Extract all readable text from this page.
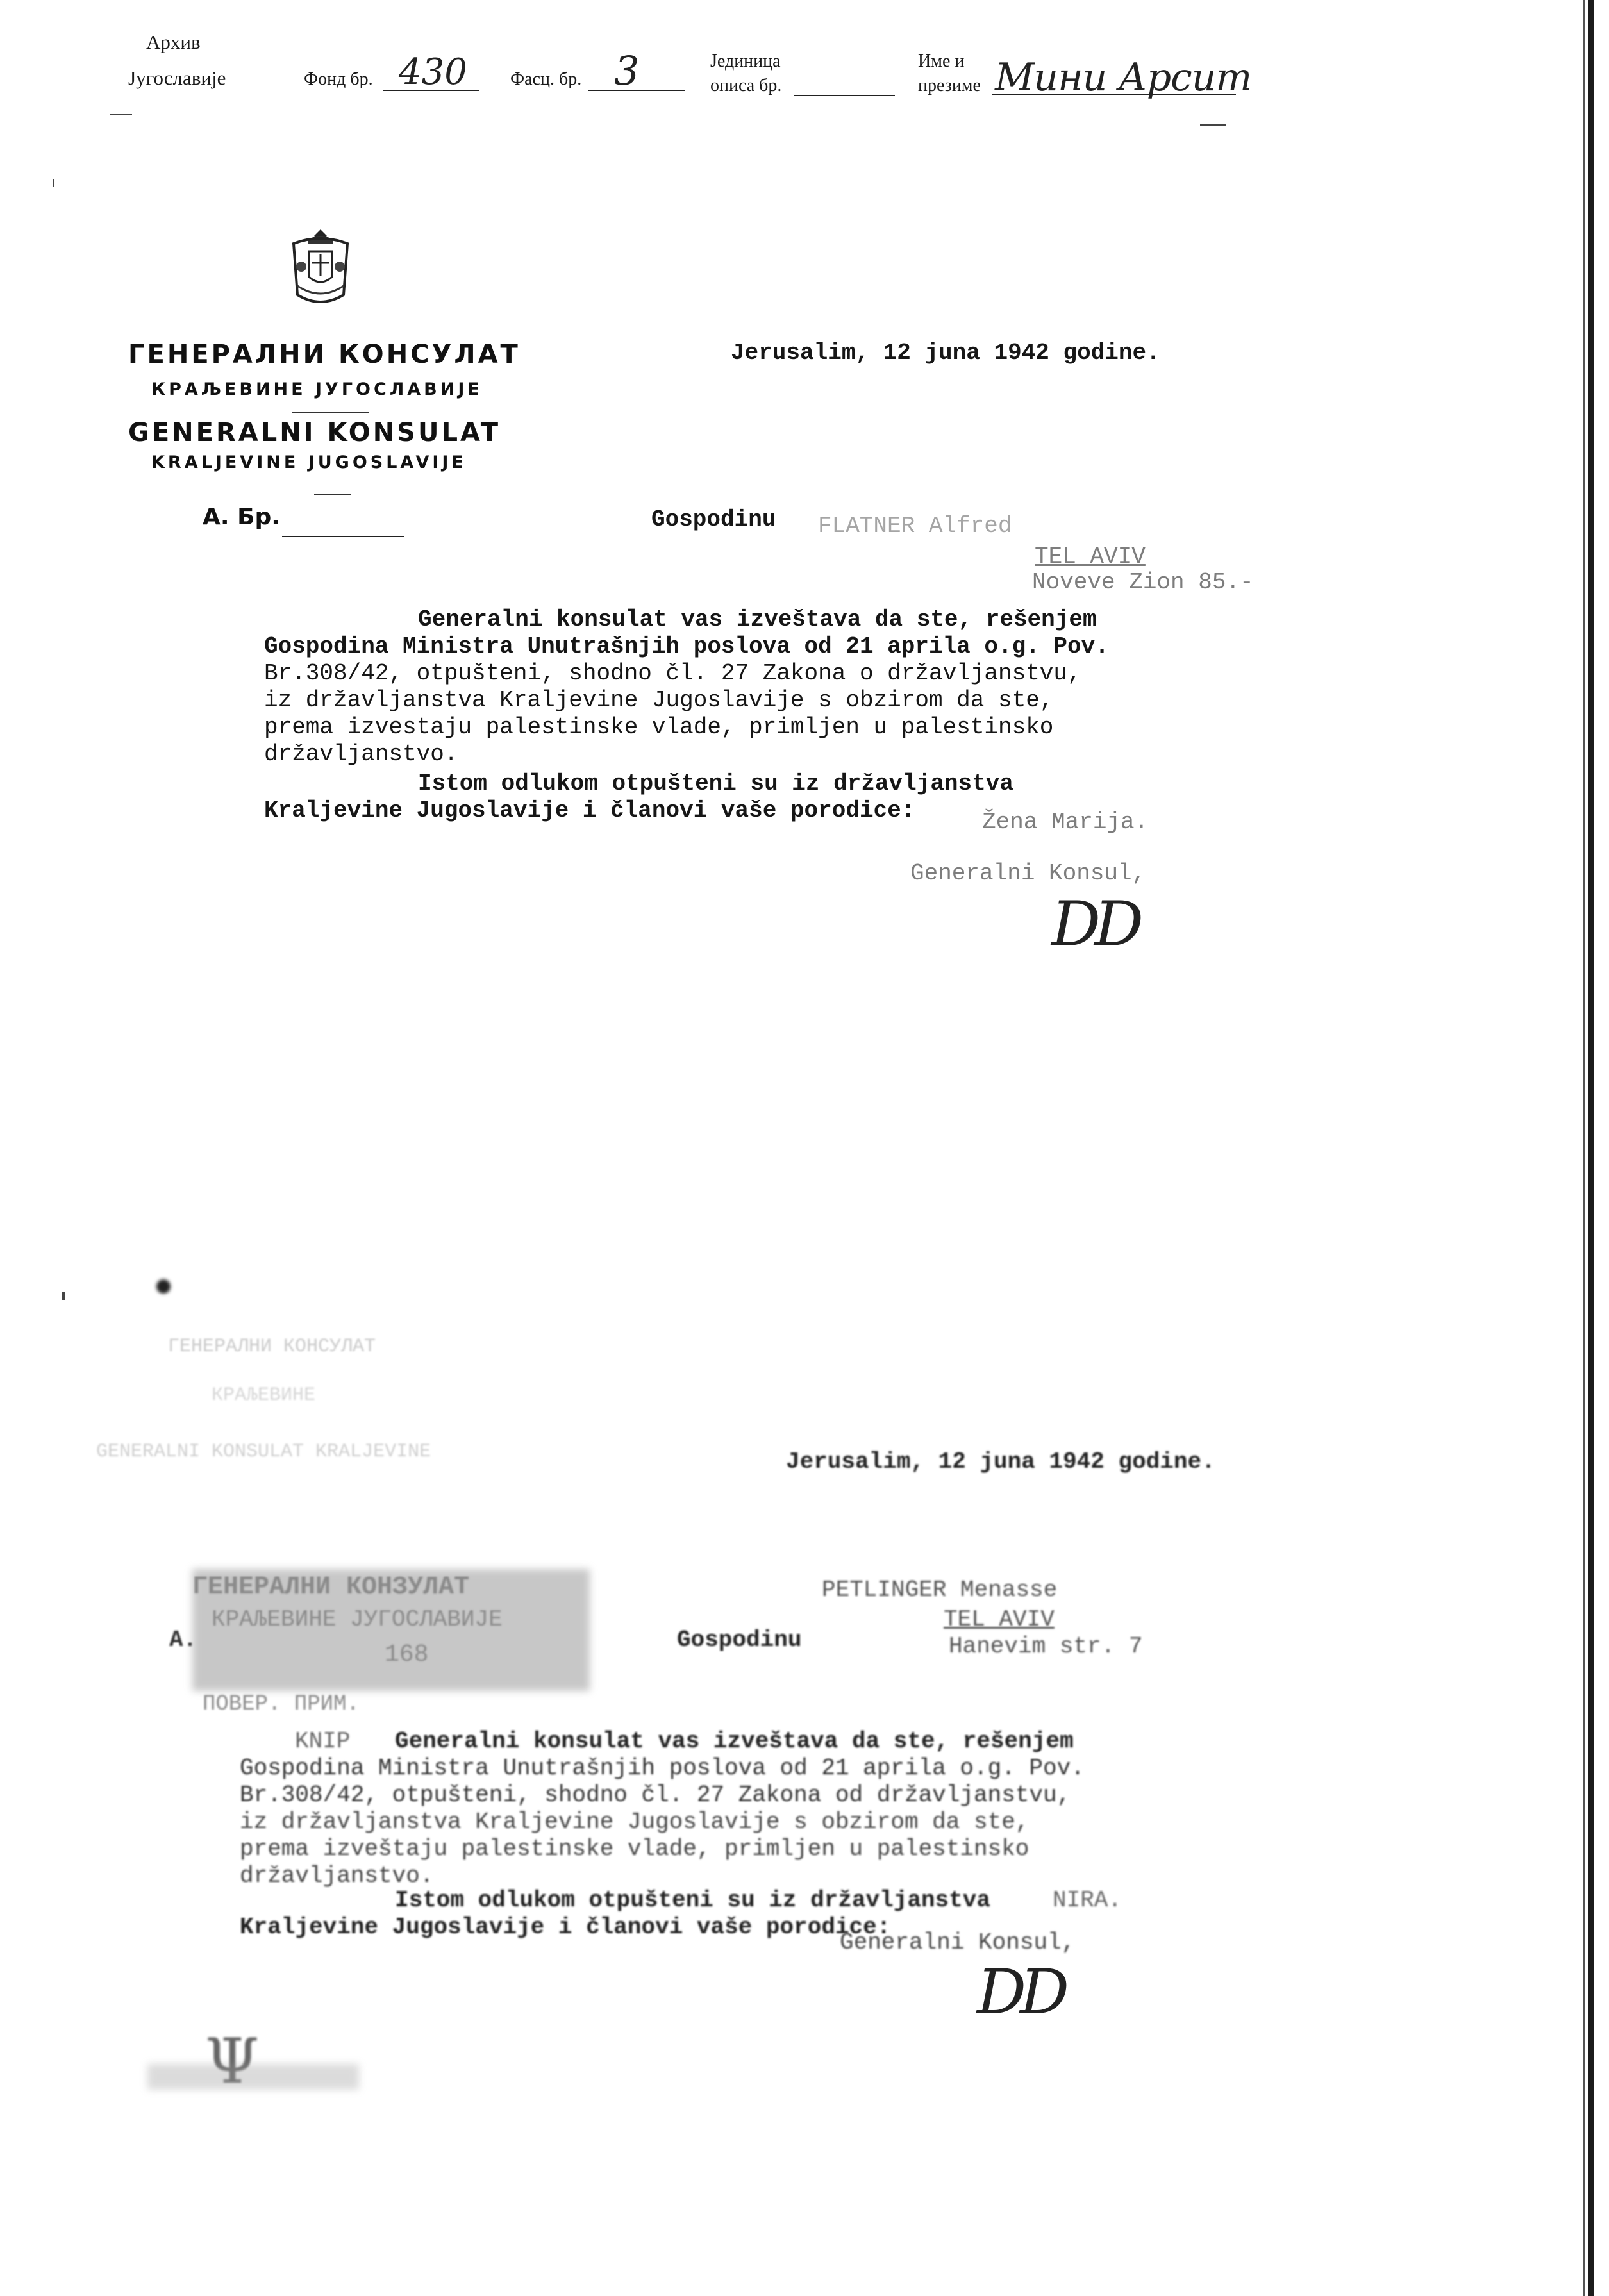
Архив
Југославије	Фонд бр. 430 Фасц. бр. 3	Јединица
описа бр.
Име и
презиме Мини Арсит
ГЕНЕРАЛНИ КОНСУЛАТ
КРАЉЕВИНЕ ЈУГОСЛАВИЈЕ
GENERALNI KONSULAT
KRALJEVINE JUGOSLAVIJE
А. Бр.
Jerusalim, 12 juna 1942 godine.
Gospodinu FLATNER Alfred
TEL AVIV
Noveve Zion 85.-
Generalni konsulat vas izveštava da ste, rešenjem
Gospodina Ministra Unutrašnjih poslova od 21 aprila o.g. Pov.
Br.308/42, otpušteni, shodno čl. 27 Zakona o državljanstvu,
iz državljanstva Kraljevine Jugoslavije s obzirom da ste,
prema izvestaju palestinske vlade, primljen u palestinsko
državljanstvo.
Istom odlukom otpušteni su iz državljanstva
Kraljevine Jugoslavije i članovi vaše porodice:	Žena Marija.
Generalni Konsul,
DD
ГЕНЕРАЛНИ КОНСУЛАТ
КРАЉЕВИНЕ
GENERALNI KONSULAT KRALJEVINE	Jerusalim, 12 juna 1942 godine.
ГЕНЕРАЛНИ КОНЗУЛАТ
КРАЉЕВИНЕ ЈУГОСЛАВИЈЕ
168
ПОВЕР. ПРИМ.
A.	Gospodinu
PETLINGER Menasse
TEL AVIV
Hanevim str. 7
KNIP Generalni konsulat vas izveštava da ste, rešenjem
Gospodina Ministra Unutrašnjih poslova od 21 aprila o.g. Pov.
Br.308/42, otpušteni, shodno čl. 27 Zakona od državljanstvu,
iz državljanstva Kraljevine Jugoslavije s obzirom da ste,
prema izveštaju palestinske vlade, primljen u palestinsko
državljanstvo.
Istom odlukom otpušteni su iz državljanstva	NIRA.
Kraljevine Jugoslavije i članovi vaše porodice:
Generalni Konsul,
DD
Ψ
